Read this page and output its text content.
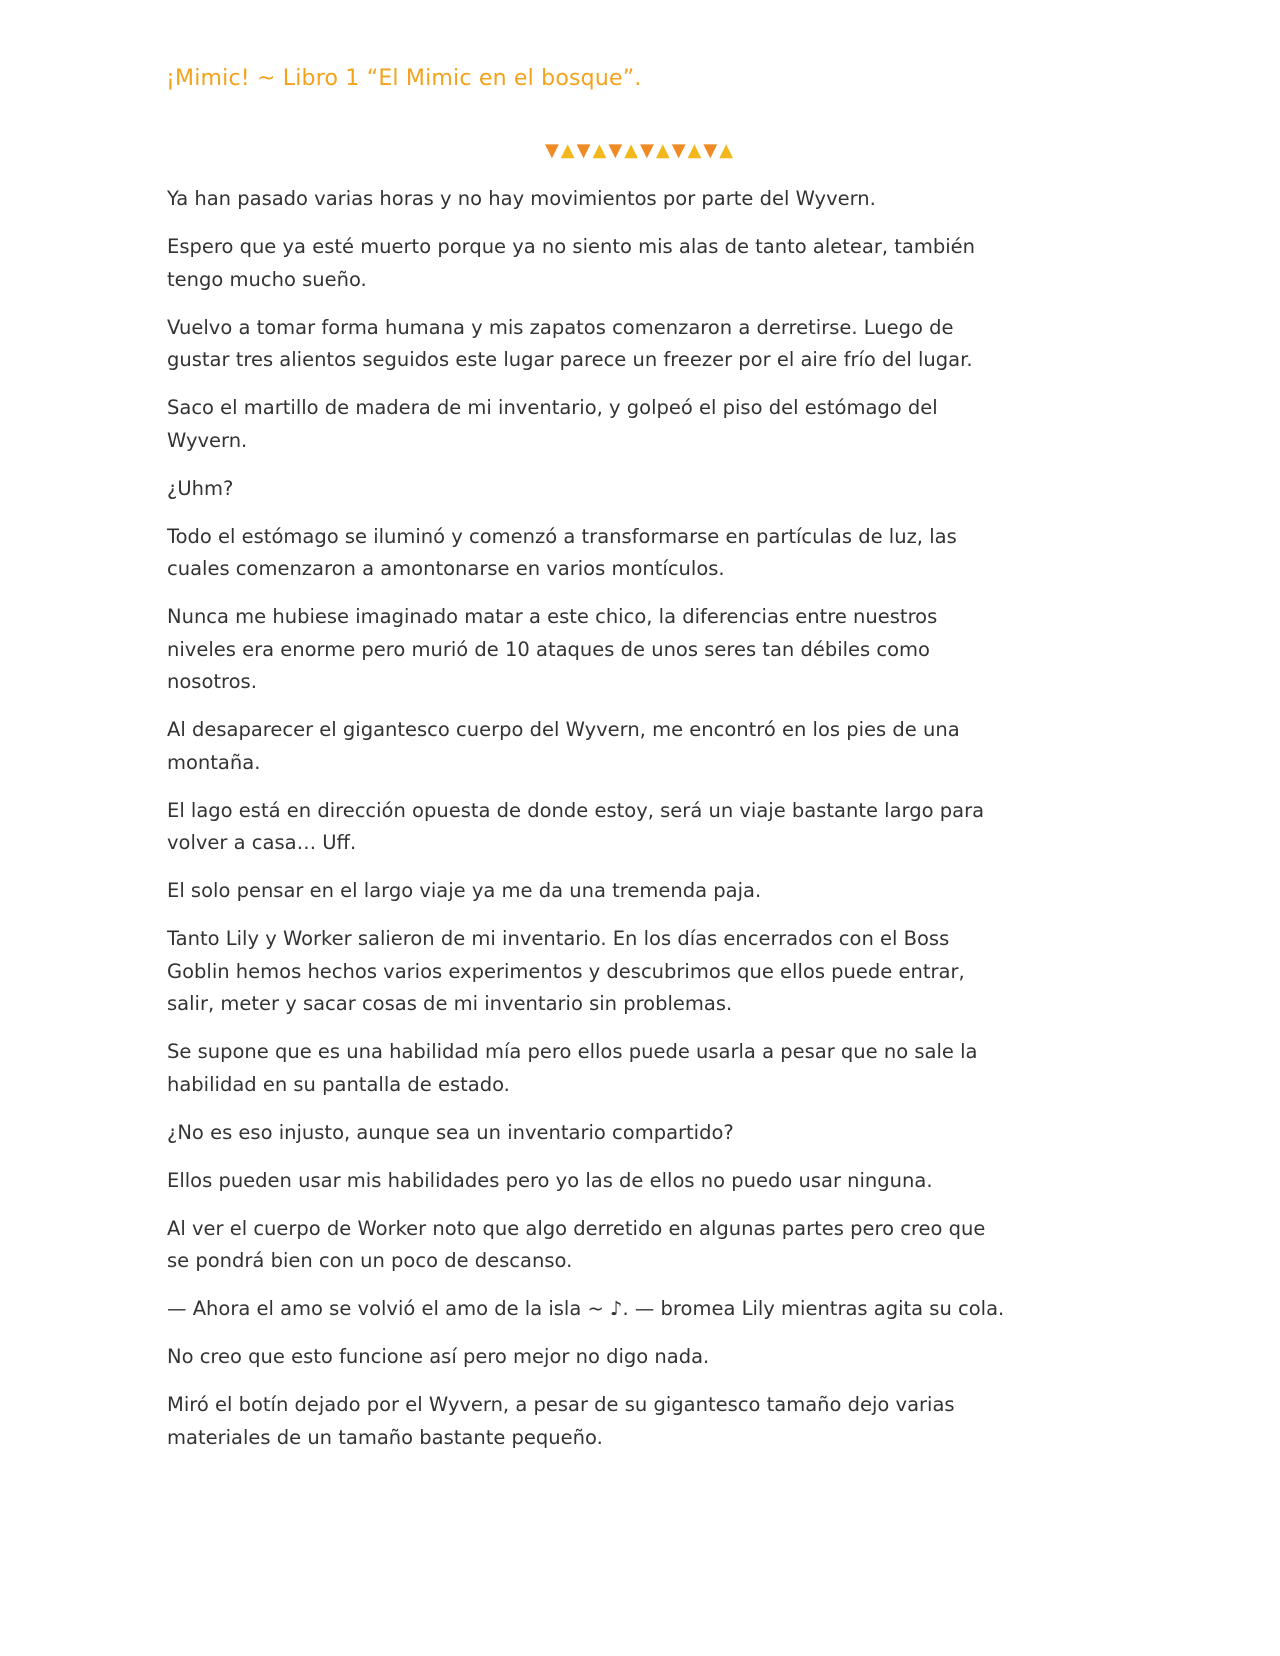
¡Mimic! ~ Libro 1 “El Mimic en el bosque”.
▼▲▼▲▼▲▼▲▼▲▼▲

Ya han pasado varias horas y no hay movimientos por parte del Wyvern.

Espero que ya esté muerto porque ya no siento mis alas de tanto aletear, también tengo mucho sueño.

Vuelvo a tomar forma humana y mis zapatos comenzaron a derretirse. Luego de gustar tres alientos seguidos este lugar parece un freezer por el aire frío del lugar.

Saco el martillo de madera de mi inventario, y golpeó el piso del estómago del Wyvern.

¿Uhm?

Todo el estómago se iluminó y comenzó a transformarse en partículas de luz, las cuales comenzaron a amontonarse en varios montículos.

Nunca me hubiese imaginado matar a este chico, la diferencias entre nuestros niveles era enorme pero murió de 10 ataques de unos seres tan débiles como nosotros.

Al desaparecer el gigantesco cuerpo del Wyvern, me encontró en los pies de una montaña.

El lago está en dirección opuesta de donde estoy, será un viaje bastante largo para volver a casa… Uff.

El solo pensar en el largo viaje ya me da una tremenda paja.

Tanto Lily y Worker salieron de mi inventario. En los días encerrados con el Boss Goblin hemos hechos varios experimentos y descubrimos que ellos puede entrar, salir, meter y sacar cosas de mi inventario sin problemas.

Se supone que es una habilidad mía pero ellos puede usarla a pesar que no sale la habilidad en su pantalla de estado.

¿No es eso injusto, aunque sea un inventario compartido?

Ellos pueden usar mis habilidades pero yo las de ellos no puedo usar ninguna.

Al ver el cuerpo de Worker noto que algo derretido en algunas partes pero creo que se pondrá bien con un poco de descanso.

— Ahora el amo se volvió el amo de la isla ~ ♪. — bromea Lily mientras agita su cola.

No creo que esto funcione así pero mejor no digo nada.

Miró el botín dejado por el Wyvern, a pesar de su gigantesco tamaño dejo varias materiales de un tamaño bastante pequeño.
